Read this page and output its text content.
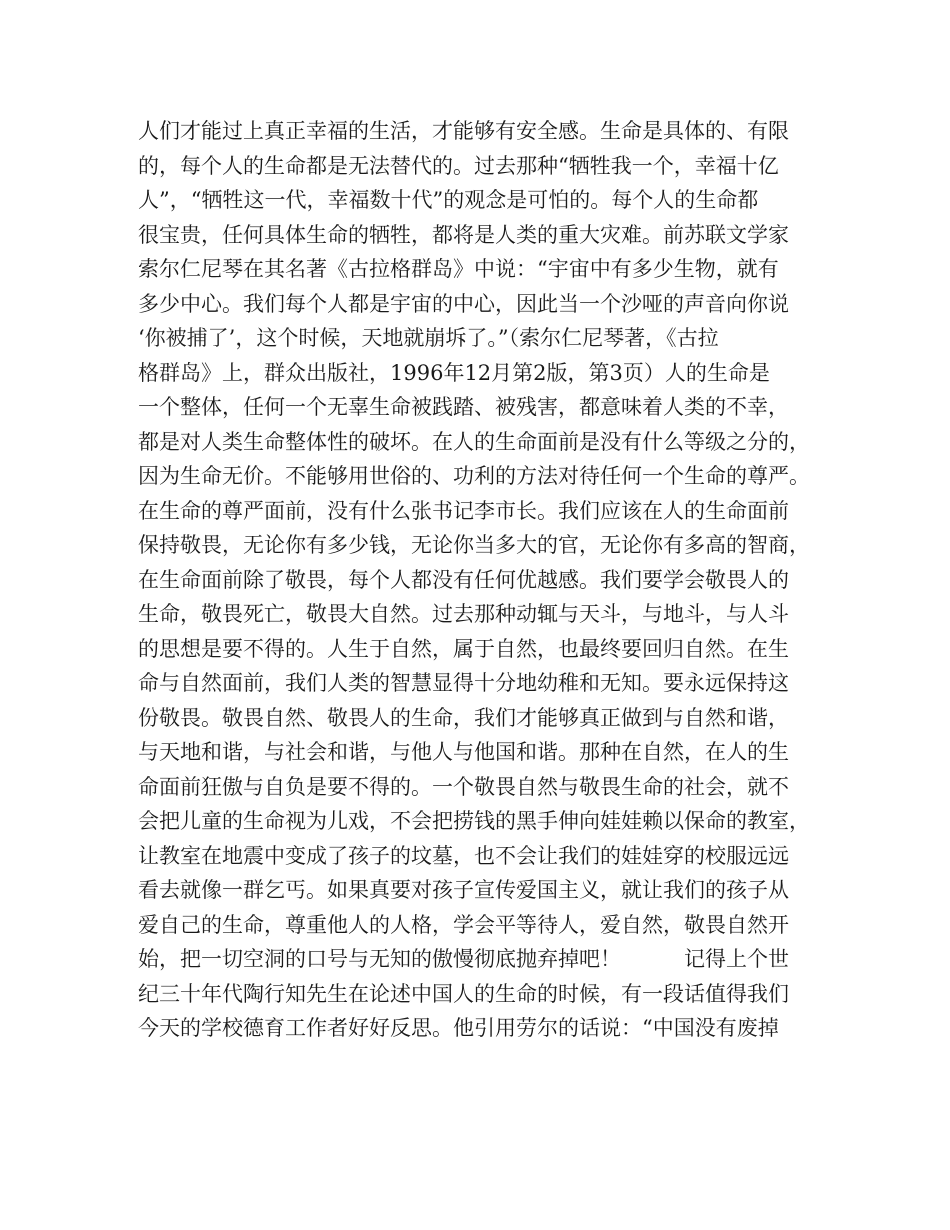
人们才能过上真正幸福的生活，才能够有安全感。生命是具体的、有限
的，每个人的生命都是无法替代的。过去那种“牺牲我一个，幸福十亿
人”，“牺牲这一代，幸福数十代”的观念是可怕的。每个人的生命都
很宝贵，任何具体生命的牺牲，都将是人类的重大灾难。前苏联文学家
索尔仁尼琴在其名著《古拉格群岛》中说：“宇宙中有多少生物，就有
多少中心。我们每个人都是宇宙的中心，因此当一个沙哑的声音向你说
‘你被捕了’，这个时候，天地就崩坼了。”（索尔仁尼琴著，《古拉
格群岛》上，群众出版社，1996年12月第2版，第3页）人的生命是
一个整体，任何一个无辜生命被践踏、被残害，都意味着人类的不幸，
都是对人类生命整体性的破坏。在人的生命面前是没有什么等级之分的，
因为生命无价。不能够用世俗的、功利的方法对待任何一个生命的尊严。
在生命的尊严面前，没有什么张书记李市长。我们应该在人的生命面前
保持敬畏，无论你有多少钱，无论你当多大的官，无论你有多高的智商，
在生命面前除了敬畏，每个人都没有任何优越感。我们要学会敬畏人的
生命，敬畏死亡，敬畏大自然。过去那种动辄与天斗，与地斗，与人斗
的思想是要不得的。人生于自然，属于自然，也最终要回归自然。在生
命与自然面前，我们人类的智慧显得十分地幼稚和无知。要永远保持这
份敬畏。敬畏自然、敬畏人的生命，我们才能够真正做到与自然和谐，
与天地和谐，与社会和谐，与他人与他国和谐。那种在自然，在人的生
命面前狂傲与自负是要不得的。一个敬畏自然与敬畏生命的社会，就不
会把儿童的生命视为儿戏，不会把捞钱的黑手伸向娃娃赖以保命的教室，
让教室在地震中变成了孩子的坟墓，也不会让我们的娃娃穿的校服远远
看去就像一群乞丐。如果真要对孩子宣传爱国主义，就让我们的孩子从
爱自己的生命，尊重他人的人格，学会平等待人，爱自然，敬畏自然开
始，把一切空洞的口号与无知的傲慢彻底抛弃掉吧！　　　记得上个世
纪三十年代陶行知先生在论述中国人的生命的时候，有一段话值得我们
今天的学校德育工作者好好反思。他引用劳尔的话说：“中国没有废掉
